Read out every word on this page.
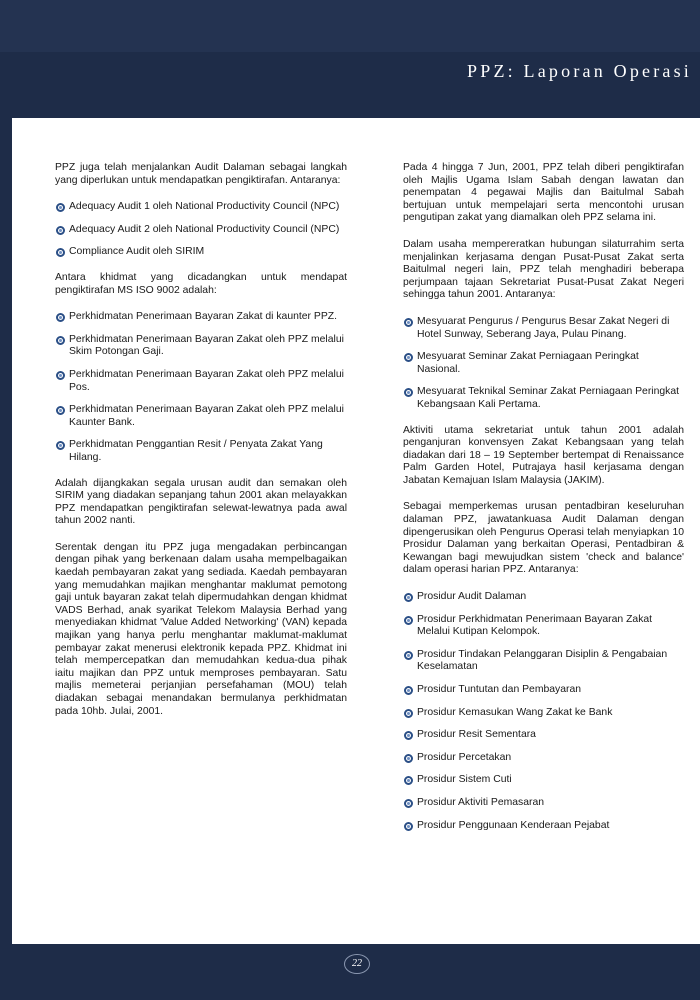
PPZ: Laporan Operasi

PPZ juga telah menjalankan Audit Dalaman sebagai langkah yang diperlukan untuk mendapatkan pengiktirafan. Antaranya:

Adequacy Audit 1 oleh National Productivity Council (NPC)
Adequacy Audit 2 oleh National Productivity Council (NPC)
Compliance Audit oleh SIRIM

Antara khidmat yang dicadangkan untuk mendapat pengiktirafan MS ISO 9002 adalah:

Perkhidmatan Penerimaan Bayaran Zakat di kaunter PPZ.
Perkhidmatan Penerimaan Bayaran Zakat oleh PPZ melalui Skim Potongan Gaji.
Perkhidmatan Penerimaan Bayaran Zakat oleh PPZ melalui Pos.
Perkhidmatan Penerimaan Bayaran Zakat oleh PPZ melalui Kaunter Bank.
Perkhidmatan Penggantian Resit / Penyata Zakat Yang Hilang.

Adalah dijangkakan segala urusan audit dan semakan oleh SIRIM yang diadakan sepanjang tahun 2001 akan melayakkan PPZ mendapatkan pengiktirafan selewat-lewatnya pada awal tahun 2002 nanti.

Serentak dengan itu PPZ juga mengadakan perbincangan dengan pihak yang berkenaan dalam usaha mempelbagaikan kaedah pembayaran zakat yang sediada. Kaedah pembayaran yang memudahkan majikan menghantar maklumat pemotong gaji untuk bayaran zakat telah dipermudahkan dengan khidmat VADS Berhad, anak syarikat Telekom Malaysia Berhad yang menyediakan khidmat 'Value Added Networking' (VAN) kepada majikan yang hanya perlu menghantar maklumat-maklumat pembayar zakat menerusi elektronik kepada PPZ. Khidmat ini telah mempercepatkan dan memudahkan kedua-dua pihak iaitu majikan dan PPZ untuk memproses pembayaran. Satu majlis memeterai perjanjian persefahaman (MOU) telah diadakan sebagai menandakan bermulanya perkhidmatan pada 10hb. Julai, 2001.

Pada 4 hingga 7 Jun, 2001, PPZ telah diberi pengiktirafan oleh Majlis Ugama Islam Sabah dengan lawatan dan penempatan 4 pegawai Majlis dan Baitulmal Sabah bertujuan untuk mempelajari serta mencontohi urusan pengutipan zakat yang diamalkan oleh PPZ selama ini.

Dalam usaha mempereratkan hubungan silaturrahim serta menjalinkan kerjasama dengan Pusat-Pusat Zakat serta Baitulmal negeri lain, PPZ telah menghadiri beberapa perjumpaan tajaan Sekretariat Pusat-Pusat Zakat Negeri sehingga tahun 2001. Antaranya:

Mesyuarat Pengurus / Pengurus Besar Zakat Negeri di Hotel Sunway, Seberang Jaya, Pulau Pinang.
Mesyuarat Seminar Zakat Perniagaan Peringkat Nasional.
Mesyuarat Teknikal Seminar Zakat Perniagaan Peringkat Kebangsaan Kali Pertama.

Aktiviti utama sekretariat untuk tahun 2001 adalah penganjuran konvensyen Zakat Kebangsaan yang telah diadakan dari 18 – 19 September bertempat di Renaissance Palm Garden Hotel, Putrajaya hasil kerjasama dengan Jabatan Kemajuan Islam Malaysia (JAKIM).

Sebagai memperkemas urusan pentadbiran keseluruhan dalaman PPZ, jawatankuasa Audit Dalaman dengan dipengerusikan oleh Pengurus Operasi telah menyiapkan 10 Prosidur Dalaman yang berkaitan Operasi, Pentadbiran & Kewangan bagi mewujudkan sistem 'check and balance' dalam operasi harian PPZ. Antaranya:

Prosidur Audit Dalaman
Prosidur Perkhidmatan Penerimaan Bayaran Zakat Melalui Kutipan Kelompok.
Prosidur Tindakan Pelanggaran Disiplin & Pengabaian Keselamatan
Prosidur Tuntutan dan Pembayaran
Prosidur Kemasukan Wang Zakat ke Bank
Prosidur Resit Sementara
Prosidur Percetakan
Prosidur Sistem Cuti
Prosidur Aktiviti Pemasaran
Prosidur Penggunaan Kenderaan Pejabat
22
